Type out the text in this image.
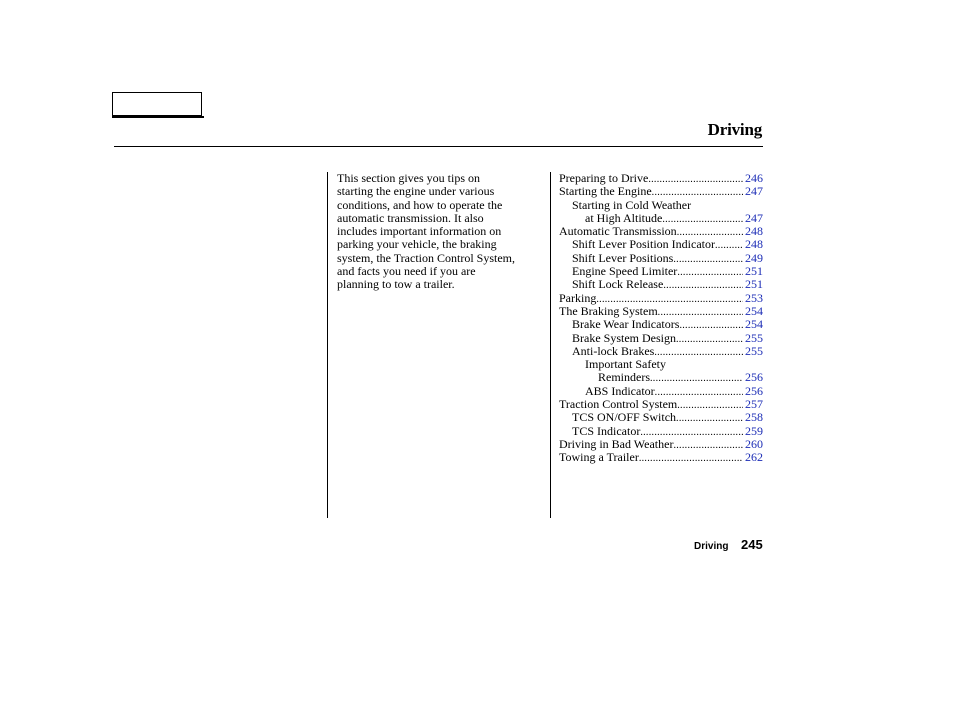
Driving
This section gives you tips on
starting the engine under various
conditions, and how to operate the
automatic transmission. It also
includes important information on
parking your vehicle, the braking
system, the Traction Control System,
and facts you need if you are
planning to tow a trailer.
Preparing to Drive .....	246
Starting the Engine .....	247
Starting in Cold Weather
at High Altitude .....	247
Automatic Transmission .....	248
Shift Lever Position Indicator .....	248
Shift Lever Positions .....	249
Engine Speed Limiter .....	251
Shift Lock Release .....	251
Parking .....	253
The Braking System .....	254
Brake Wear Indicators .....	254
Brake System Design .....	255
Anti-lock Brakes .....	255
Important Safety
Reminders .....	256
ABS Indicator .....	256
Traction Control System .....	257
TCS ON/OFF Switch .....	258
TCS Indicator .....	259
Driving in Bad Weather .....	260
Towing a Trailer .....	262
Driving 245
